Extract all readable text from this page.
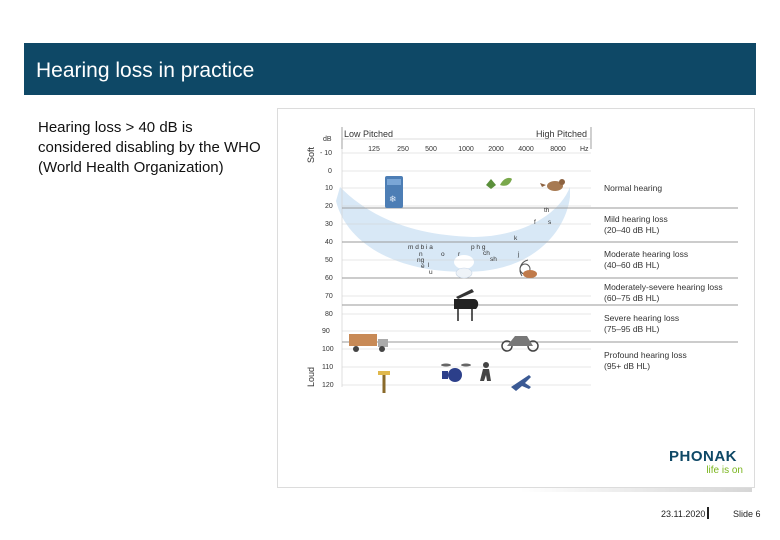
Hearing loss in practice
Hearing loss > 40 dB is considered disabling by the WHO (World Health Organization)
Low Pitched	High Pitched
dB
Hz
125 250 500	1000 2000 4000 8000
- 10
0
10
20
30
40
50
60
70
80
90
100
110
120
Soft
Loud
Normal hearing
Mild hearing loss
(20–40 dB HL)
Moderate hearing loss
(40–60 dB HL)
Moderately-severe hearing loss
(60–75 dB HL)
Severe hearing loss
(75–95 dB HL)
Profound hearing loss
(95+ dB HL)
th
f s
k
m d b i a
n	o
ng
e l
u
r
p h g
ch
sh
j
❄
PHONAK
life is on
23.11.2020	Slide 6
